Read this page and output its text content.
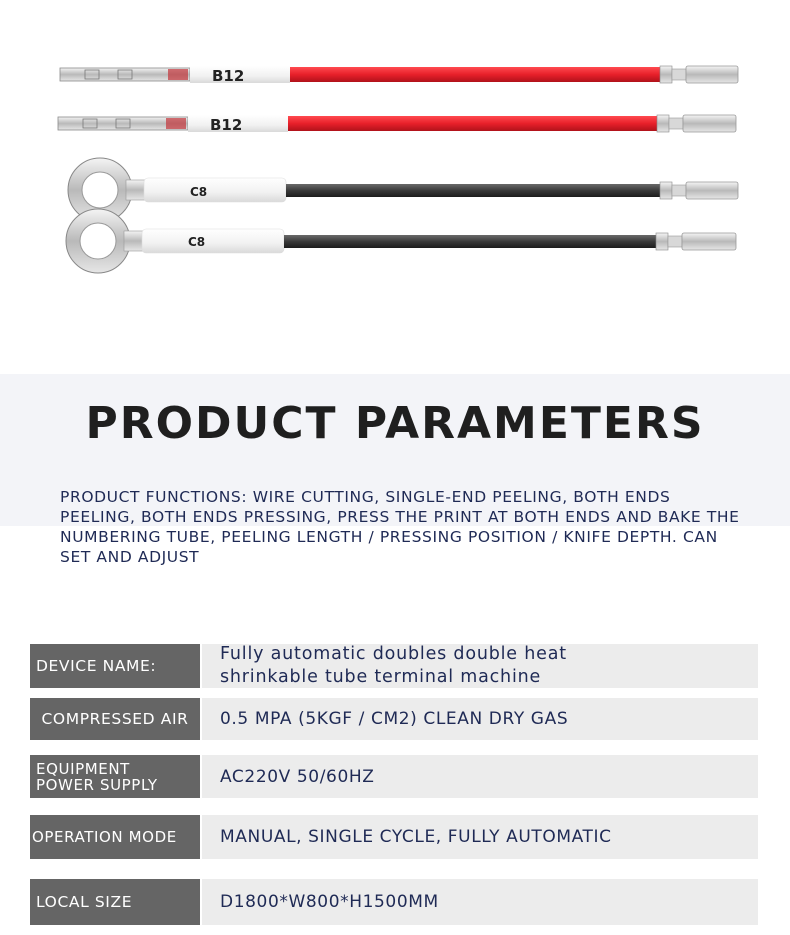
B12
B12
C8
C8
PRODUCT PARAMETERS
PRODUCT FUNCTIONS: WIRE CUTTING, SINGLE-END PEELING, BOTH ENDS PEELING, BOTH ENDS PRESSING, PRESS THE PRINT AT BOTH ENDS AND BAKE THE NUMBERING TUBE, PEELING LENGTH / PRESSING POSITION / KNIFE DEPTH. CAN SET AND ADJUST
DEVICE NAME:
Fully automatic doubles double heat
shrinkable tube terminal machine
COMPRESSED AIR	0.5 MPA (5KGF / CM2) CLEAN DRY GAS
EQUIPMENT
POWER SUPPLY	AC220V 50/60HZ
OPERATION MODE	MANUAL, SINGLE CYCLE, FULLY AUTOMATIC
LOCAL SIZE	D1800*W800*H1500MM
